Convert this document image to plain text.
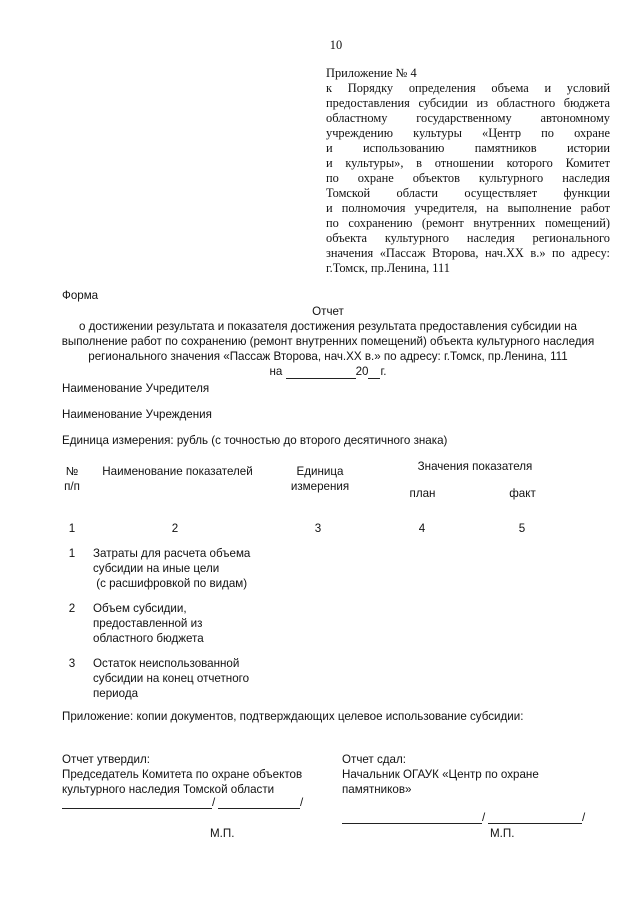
10
Приложение № 4
к Порядку определения объема и условий
предоставления субсидии из областного бюджета
областному государственному автономному
учреждению культуры «Центр по охране
и использованию памятников истории
и культуры», в отношении которого Комитет
по охране объектов культурного наследия
Томской области осуществляет функции
и полномочия учредителя, на выполнение работ
по сохранению (ремонт внутренних помещений)
объекта культурного наследия регионального
значения «Пассаж Второва, нач.XX в.» по адресу:
г.Томск, пр.Ленина, 111
Форма
Отчет
о достижении результата и показателя достижения результата предоставления субсидии на
выполнение работ по сохранению (ремонт внутренних помещений) объекта культурного наследия
регионального значения «Пассаж Второва, нач.XX в.» по адресу: г.Томск, пр.Ленина, 111
на	20 г.
Наименование Учредителя
Наименование Учреждения
Единица измерения: рубль (с точностью до второго десятичного знака)
№
п/п
Наименование показателей	Единица
измерения
Значения показателя
план	факт
1	2	3	4	5
1	Затраты для расчета объема
субсидии на иные цели
(с расшифровкой по видам)
2	Объем субсидии,
предоставленной из
областного бюджета
3	Остаток неиспользованной
субсидии на конец отчетного
периода
Приложение: копии документов, подтверждающих целевое использование субсидии:
Отчет утвердил:
Председатель Комитета по охране объектов
культурного наследия Томской области
/	/
М.П.
Отчет сдал:
Начальник ОГАУК «Центр по охране
памятников»
/	/
М.П.
